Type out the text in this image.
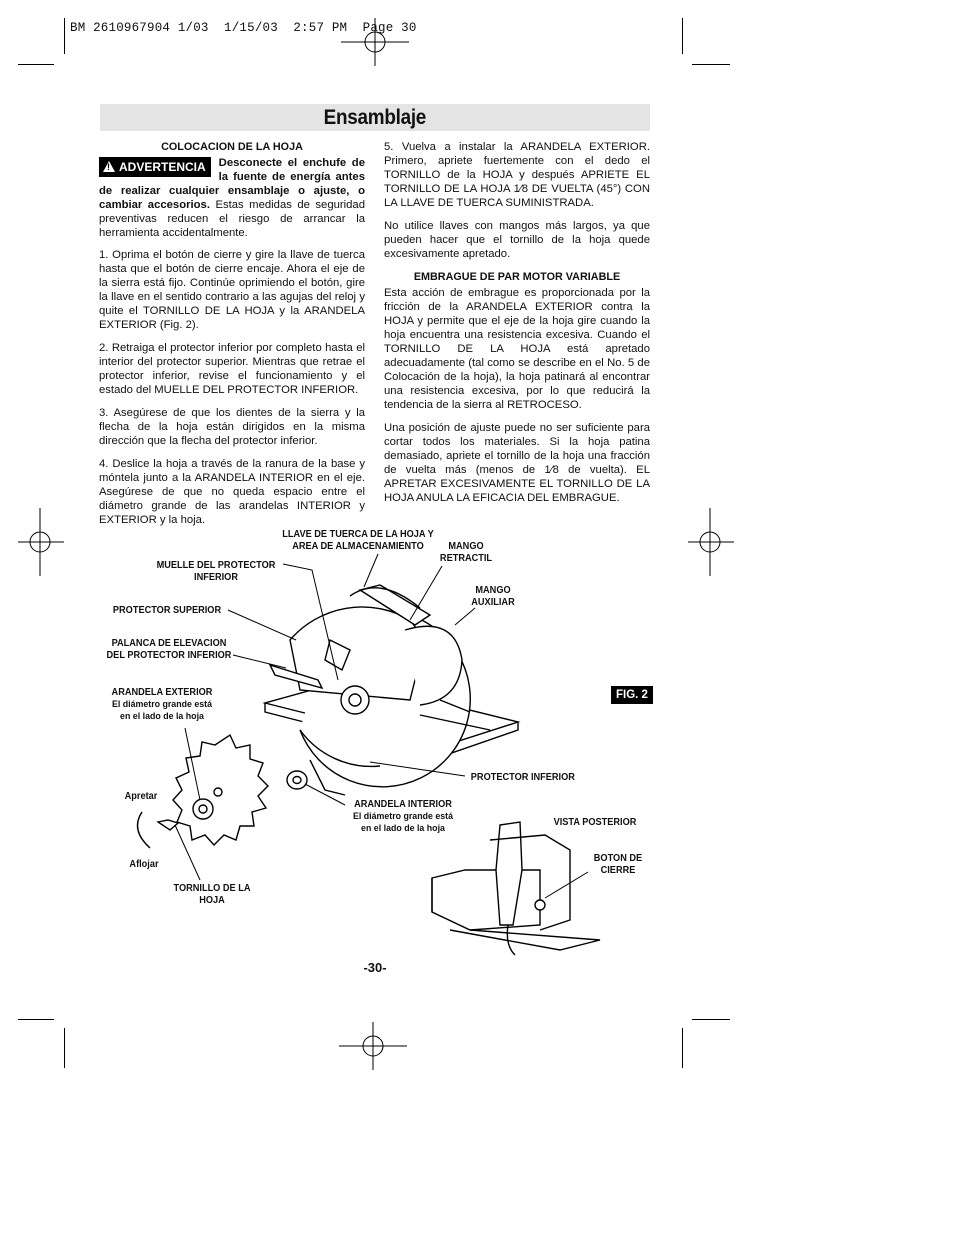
BM 2610967904 1/03  1/15/03  2:57 PM  Page 30
Ensamblaje
COLOCACION DE LA HOJA

!ADVERTENCIA	Desconecte el enchufe de la fuente de energía antes de realizar cualquier ensamblaje o ajuste, o cambiar accesorios. Estas medidas de seguridad preventivas reducen el riesgo de arrancar la herramienta accidentalmente.

1. Oprima el botón de cierre y gire la llave de tuerca hasta que el botón de cierre encaje. Ahora el eje de la sierra está fijo. Continúe oprimiendo el botón, gire la llave en el sentido contrario a las agujas del reloj y quite el TORNILLO DE LA HOJA y la ARANDELA EXTERIOR (Fig. 2).

2. Retraiga el protector inferior por completo hasta el interior del protector superior. Mientras que retrae el protector inferior, revise el funcionamiento y el estado del MUELLE DEL PROTECTOR INFERIOR.

3. Asegúrese de que los dientes de la sierra y la flecha de la hoja están dirigidos en la misma dirección que la flecha del protector inferior.

4. Deslice la hoja a través de la ranura de la base y móntela junto a la ARANDELA INTERIOR en el eje. Asegúrese de que no queda espacio entre el diámetro grande de las arandelas INTERIOR y EXTERIOR y la hoja.

5. Vuelva a instalar la ARANDELA EXTERIOR. Primero, apriete fuertemente con el dedo el TORNILLO de la HOJA y después APRIETE EL TORNILLO DE LA HOJA 1⁄8 DE VUELTA (45°) CON LA LLAVE DE TUERCA SUMINISTRADA.

No utilice llaves con mangos más largos, ya que pueden hacer que el tornillo de la hoja quede excesivamente apretado.

EMBRAGUE DE PAR MOTOR VARIABLE

Esta acción de embrague es proporcionada por la fricción de la ARANDELA EXTERIOR contra la HOJA y permite que el eje de la hoja gire cuando la hoja encuentra una resistencia excesiva. Cuando el TORNILLO DE LA HOJA está apretado adecuadamente (tal como se describe en el No. 5 de Colocación de la hoja), la hoja patinará al encontrar una resistencia excesiva, por lo que reducirá la tendencia de la sierra al RETROCESO.

Una posición de ajuste puede no ser suficiente para cortar todos los materiales. Si la hoja patina demasiado, apriete el tornillo de la hoja una fracción de vuelta más (menos de 1⁄8 de vuelta). EL APRETAR EXCESIVAMENTE EL TORNILLO DE LA HOJA ANULA LA EFICACIA DEL EMBRAGUE.

LLAVE DE TUERCA DE LA HOJA Y
AREA DE ALMACENAMIENTO	MANGO
RETRACTIL
MUELLE DEL PROTECTOR
INFERIOR
MANGO
AUXILIAR
PROTECTOR SUPERIOR
PALANCA DE ELEVACION
DEL PROTECTOR INFERIOR
ARANDELA EXTERIOR

El diámetro grande está
en el lado de la hoja
PROTECTOR INFERIOR
Apretar
ARANDELA INTERIOR

El diámetro grande está
en el lado de la hoja
VISTA POSTERIOR
Aflojar
BOTON DE
CIERRE
TORNILLO DE LA
HOJA
FIG. 2
-30-
